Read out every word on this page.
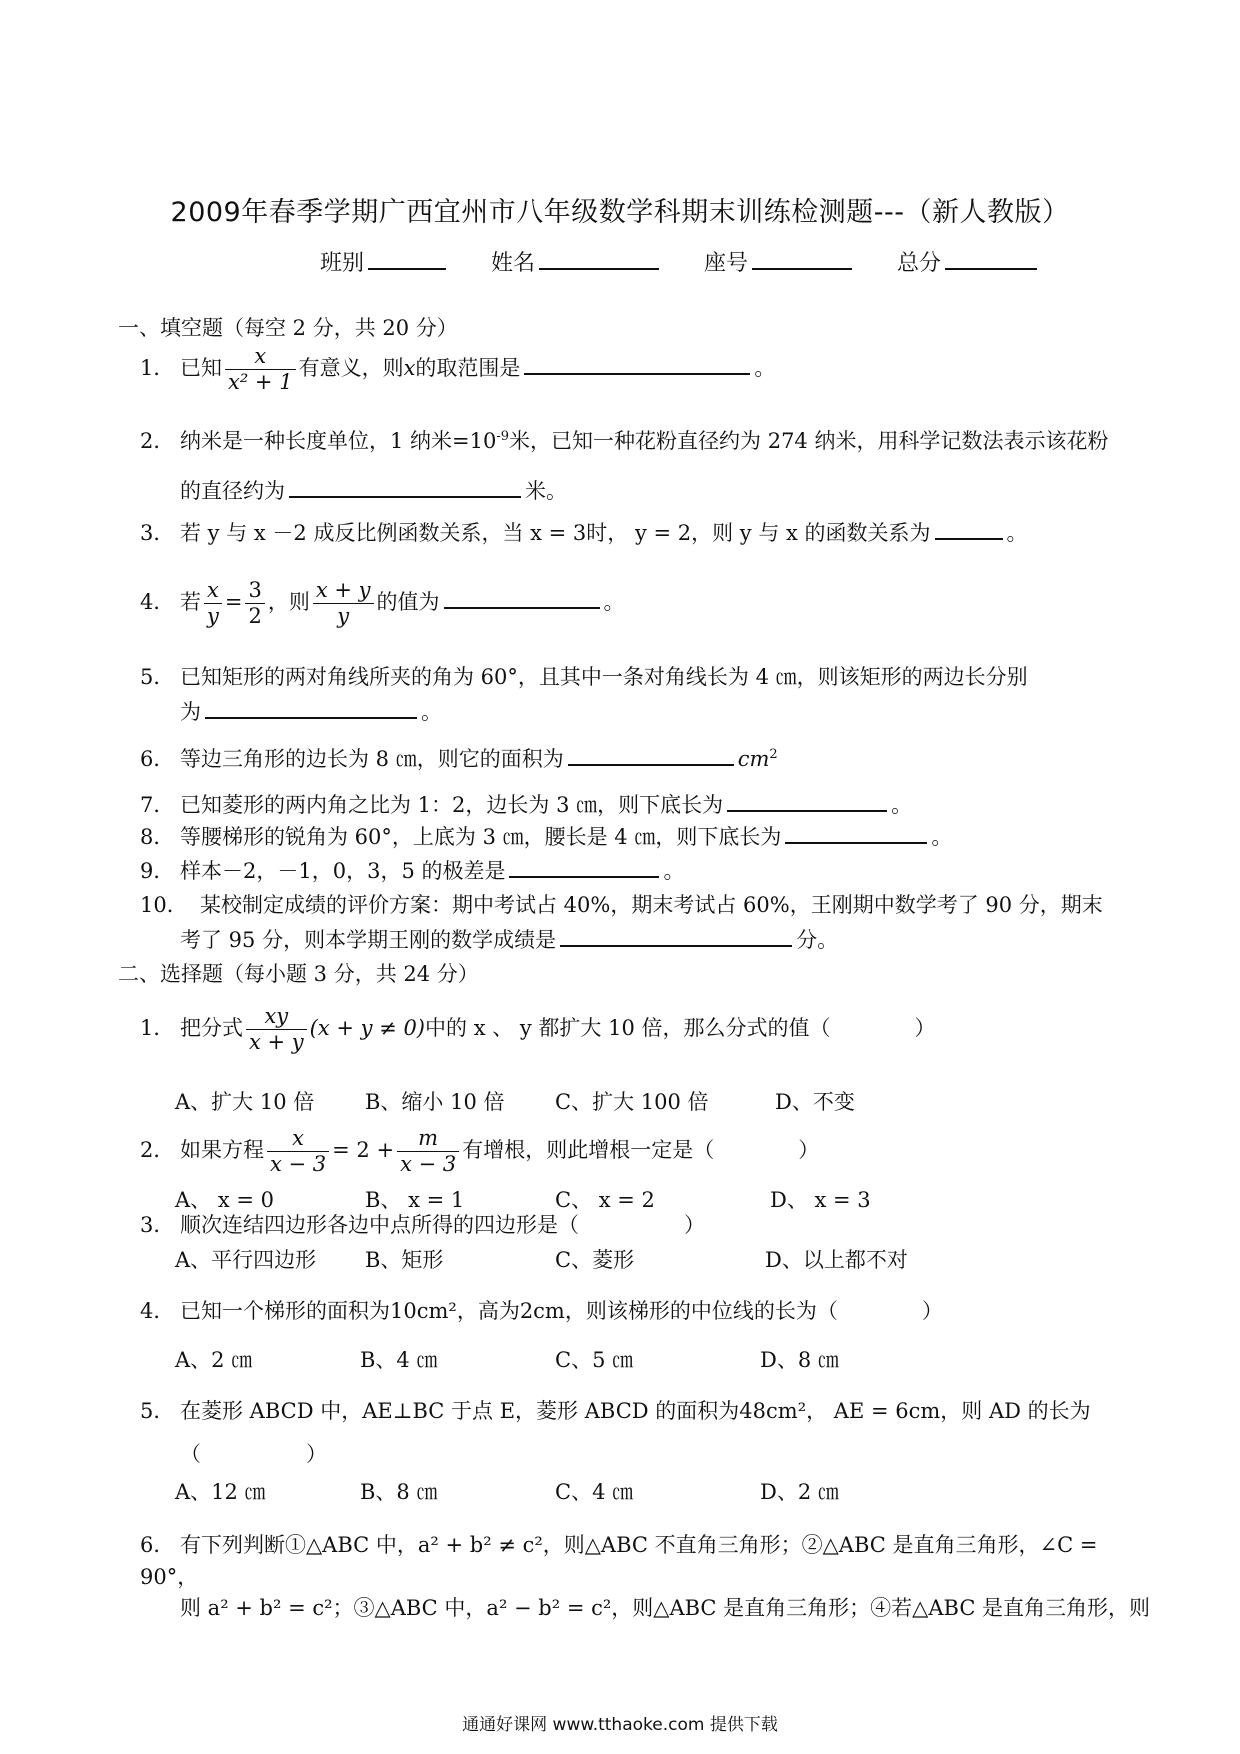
2009年春季学期广西宜州市八年级数学科期末训练检测题---（新人教版）
班别	姓名	座号	总分
一、填空题（每空 2 分，共 20 分）
1． 已知 $\frac{x}{\text{x² + 1}}$ 有意义，则x的取范围是	。
2． 纳米是一种长度单位，1 纳米$=10^{-9}$米，已知一种花粉直径约为 274 纳米，用科学记数法表示该花粉
的直径约为	米。
3． 若 y 与 x －2 成反比例函数关系，当 x = 3时， y = 2，则 y 与 x 的函数关系为	。
4． 若 $\frac{x}{y} = \frac{3}{2}$ ，则 $\frac{x + y}{y}$ 的值为	。
5． 已知矩形的两对角线所夹的角为 60°，且其中一条对角线长为 4 ㎝，则该矩形的两边长分别
为	。
6． 等边三角形的边长为 8 ㎝，则它的面积为	$cm^2$
7． 已知菱形的两内角之比为 1：2，边长为 3 ㎝，则下底长为	。
8． 等腰梯形的锐角为 60°，上底为 3 ㎝，腰长是 4 ㎝，则下底长为	。
9． 样本－2，－1，0，3，5 的极差是	。
10． 某校制定成绩的评价方案：期中考试占 40%，期末考试占 60%，王刚期中数学考了 90 分，期末
考了 95 分，则本学期王刚的数学成绩是	分。
二、选择题（每小题 3 分，共 24 分）
1． 把分式 $\frac{xy}{x + y} (x + y \ne 0)$中的 x 、 y 都扩大 10 倍，那么分式的值（　　　　）
A、扩大 10 倍 B、缩小 10 倍 C、扩大 100 倍	D、不变
2． 如果方程 $\frac{x}{x - 3} = 2 + \frac{m}{x - 3}$ 有增根，则此增根一定是（　　　　）
A、 x = 0	B、 x = 1	C、 x = 2	D、 x = 3
3． 顺次连结四边形各边中点所得的四边形是（　　　　　）
A、平行四边形 B、矩形	C、菱形	D、以上都不对
4． 已知一个梯形的面积为10cm²，高为2cm，则该梯形的中位线的长为（　　　　）
A、2 ㎝	B、4 ㎝	C、5 ㎝	D、8 ㎝
5． 在菱形 ABCD 中，AE⊥BC 于点 E，菱形 ABCD 的面积为48cm²， AE = 6cm，则 AD 的长为
（　　　　　）
A、12 ㎝	B、8 ㎝	C、4 ㎝	D、2 ㎝
6． 有下列判断①△ABC 中，a² + b² ≠ c²，则△ABC 不直角三角形；②△ABC 是直角三角形，∠C = 90°，
则 a² + b² = c²；③△ABC 中，a² − b² = c²，则△ABC 是直角三角形；④若△ABC 是直角三角形，则
通通好课网 www.tthaoke.com 提供下载
